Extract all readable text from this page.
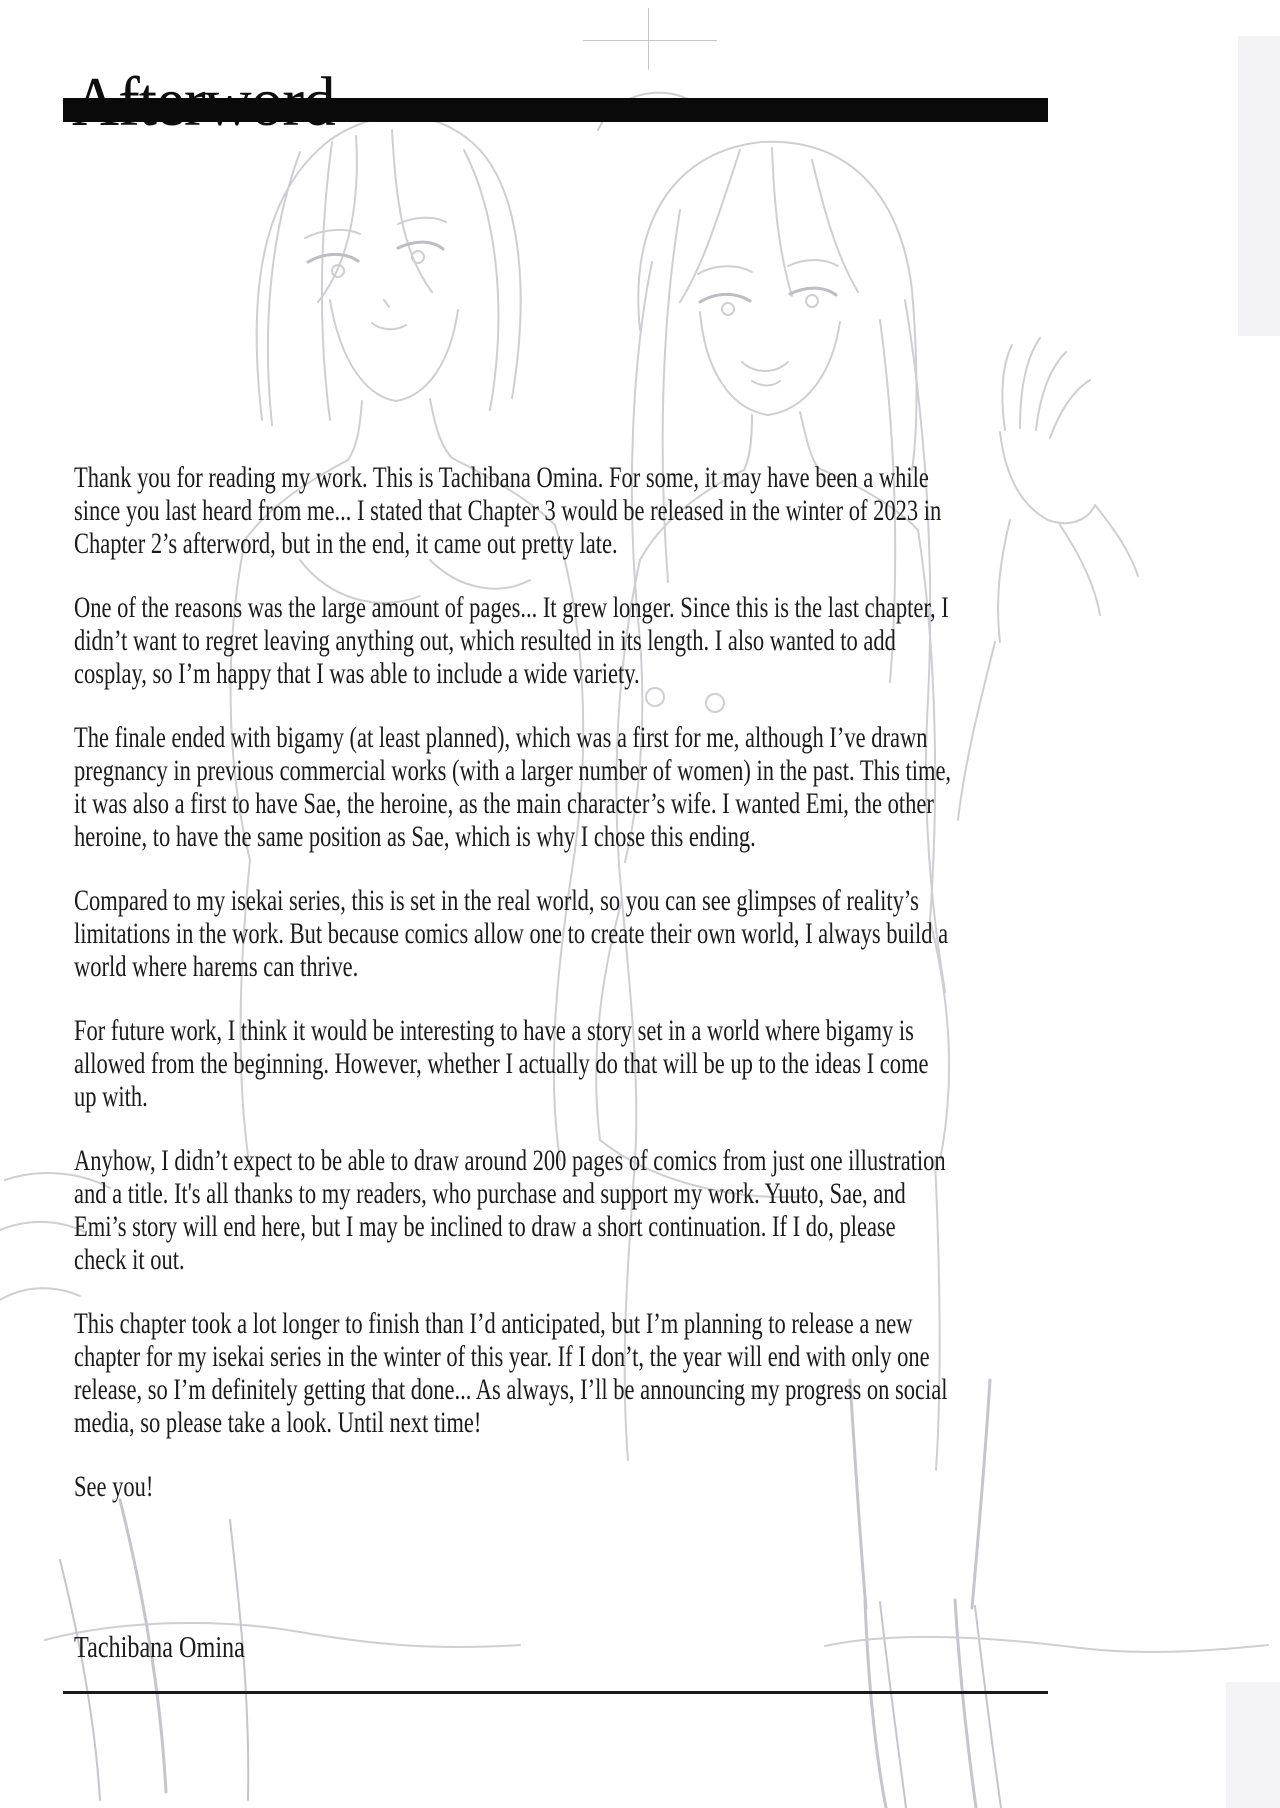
Thank you for reading my work. This is Tachibana Omina. For some, it may have been a while since you last heard from me... I stated that Chapter 3 would be released in the winter of 2023 in Chapter 2’s afterword, but in the end, it came out pretty late.

One of the reasons was the large amount of pages... It grew longer. Since this is the last chapter, I didn’t want to regret leaving anything out, which resulted in its length. I also wanted to add cosplay, so I’m happy that I was able to include a wide variety.

The finale ended with bigamy (at least planned), which was a first for me, although I’ve drawn pregnancy in previous commercial works (with a larger number of women) in the past. This time, it was also a first to have Sae, the heroine, as the main character’s wife. I wanted Emi, the other heroine, to have the same position as Sae, which is why I chose this ending.

Compared to my isekai series, this is set in the real world, so you can see glimpses of reality’s limitations in the work. But because comics allow one to create their own world, I always build a world where harems can thrive.

For future work, I think it would be interesting to have a story set in a world where bigamy is allowed from the beginning. However, whether I actually do that will be up to the ideas I come up with.

Anyhow, I didn’t expect to be able to draw around 200 pages of comics from just one illustration and a title. It's all thanks to my readers, who purchase and support my work. Yuuto, Sae, and Emi’s story will end here, but I may be inclined to draw a short continuation. If I do, please check it out.

This chapter took a lot longer to finish than I’d anticipated, but I’m planning to release a new chapter for my isekai series in the winter of this year. If I don’t, the year will end with only one release, so I’m definitely getting that done... As always, I’ll be announcing my progress on social media, so please take a look. Until next time!

See you!

Tachibana Omina
